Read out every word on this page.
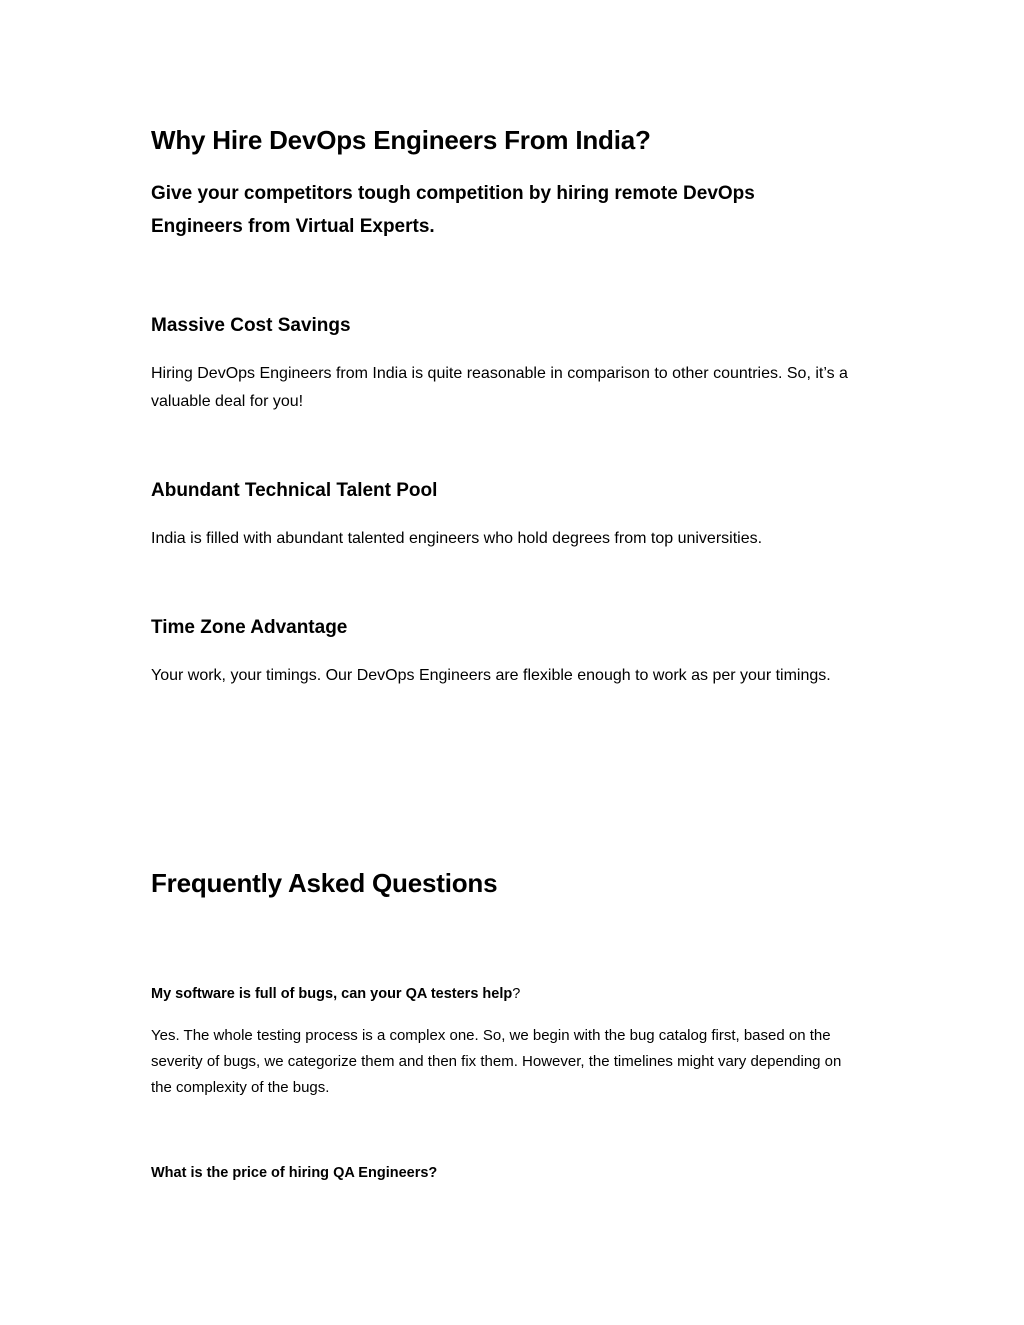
Why Hire DevOps Engineers From India?

Give your competitors tough competition by hiring remote DevOps Engineers from Virtual Experts.

Massive Cost Savings

Hiring DevOps Engineers from India is quite reasonable in comparison to other countries. So, it’s a valuable deal for you!

Abundant Technical Talent Pool

India is filled with abundant talented engineers who hold degrees from top universities.

Time Zone Advantage

Your work, your timings. Our DevOps Engineers are flexible enough to work as per your timings.

Frequently Asked Questions

My software is full of bugs, can your QA testers help?

Yes. The whole testing process is a complex one. So, we begin with the bug catalog first, based on the severity of bugs, we categorize them and then fix them. However, the timelines might vary depending on the complexity of the bugs.

What is the price of hiring QA Engineers?
